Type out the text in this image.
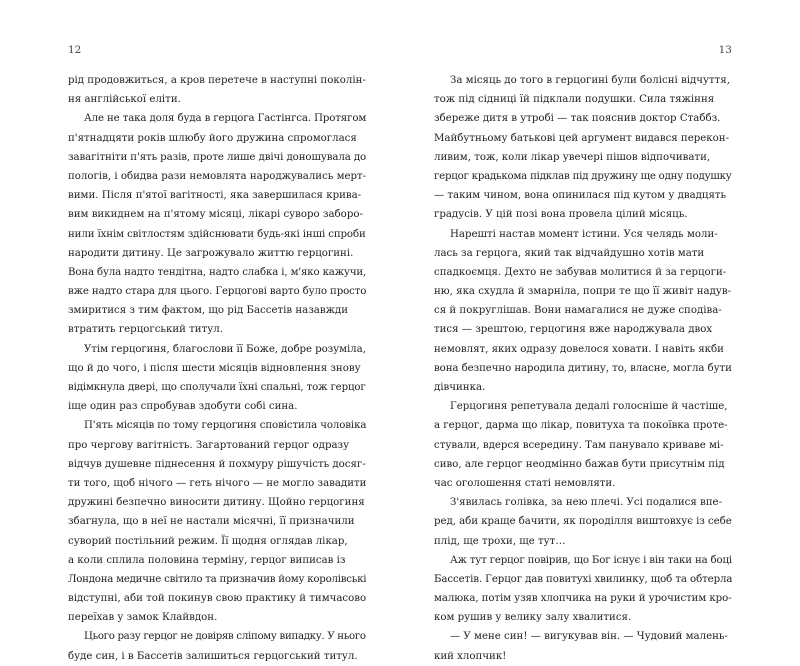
12
рід продовжиться, а кров перетече в наступні поколін-
ня англійської еліти.
Але не така доля буда в герцога Гастінгса. Протягом
п'ятнадцяти років шлюбу його дружина спромоглася
завагітніти п'ять разів, проте лише двічі доношувала до
пологів, і обидва рази немовлята народжувались мерт-
вими. Після п'ятої вагітності, яка завершилася крива-
вим викиднем на п'ятому місяці, лікарі суворо заборо-
нили їхнім світлостям здійснювати будь-які інші спроби
народити дитину. Це загрожувало життю герцогині.
Вона була надто тендітна, надто слабка і, м'яко кажучи,
вже надто стара для цього. Герцогові варто було просто
змиритися з тим фактом, що рід Бассетів назавжди
втратить герцогський титул.
Утім герцогиня, благослови її Боже, добре розуміла,
що й до чого, і після шести місяців відновлення знову
відімкнула двері, що сполучали їхні спальні, тож герцог
іще один раз спробував здобути собі сина.
П'ять місяців по тому герцогиня сповістила чоловіка
про чергову вагітність. Загартований герцог одразу
відчув душевне піднесення й похмуру рішучість досяг-
ти того, щоб нічого — геть нічого — не могло завадити
дружині безпечно виносити дитину. Щойно герцогиня
збагнула, що в неї не настали місячні, її призначили
суворий постільний режим. Її щодня оглядав лікар,
а коли сплила половина терміну, герцог виписав із
Лондона медичне світило та призначив йому королівські
відступні, аби той покинув свою практику й тимчасово
переїхав у замок Клайвдон.
Цього разу герцог не довіряв сліпому випадку. У нього
буде син, і в Бассетів залишиться герцогський титул.
13
За місяць до того в герцогині були болісні відчуття,
тож під сідниці їй підклали подушки. Сила тяжіння
збереже дитя в утробі — так пояснив доктор Стаббз.
Майбутньому батькові цей аргумент видався перекон-
ливим, тож, коли лікар увечері пішов відпочивати,
герцог крадькома підклав під дружину ще одну подушку
— таким чином, вона опинилася під кутом у двадцять
градусів. У цій позі вона провела цілий місяць.
Нарешті настав момент істини. Уся челядь моли-
лась за герцога, який так відчайдушно хотів мати
спадкоємця. Дехто не забував молитися й за герцоги-
ню, яка схудла й змарніла, попри те що її живіт надув-
ся й покруглішав. Вони намагалися не дуже сподіва-
тися — зрештою, герцогиня вже народжувала двох
немовлят, яких одразу довелося ховати. І навіть якби
вона безпечно народила дитину, то, власне, могла бути
дівчинка.
Герцогиня репетувала дедалі голосніше й частіше,
а герцог, дарма що лікар, повитуха та покоївка проте-
стували, вдерся всередину. Там панувало криваве мі-
сиво, але герцог неодмінно бажав бути присутнім під
час оголошення статі немовляти.
З'явилась голівка, за нею плечі. Усі подалися впе-
ред, аби краще бачити, як породілля виштовхує із себе
плід, ще трохи, ще тут…
Аж тут герцог повірив, що Бог існує і він таки на боці
Бассетів. Герцог дав повитухі хвилинку, щоб та обтерла
малюка, потім узяв хлопчика на руки й урочистим кро-
ком рушив у велику залу хвалитися.
— У мене син! — вигукував він. — Чудовий малень-
кий хлопчик!
